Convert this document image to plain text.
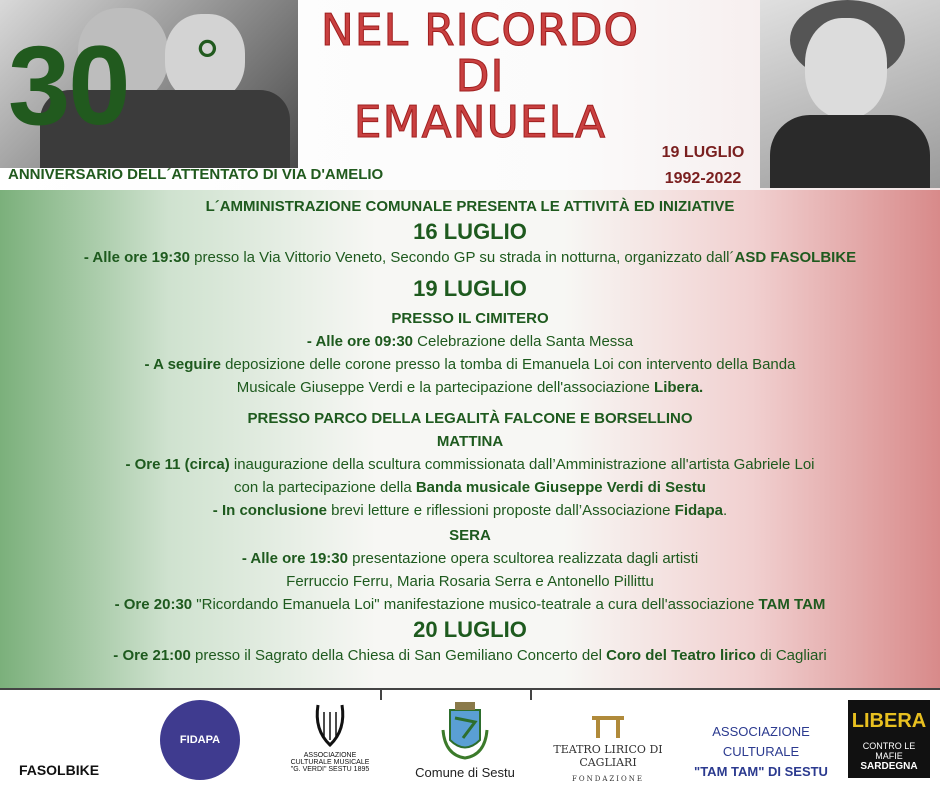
30 °
ANNIVERSARIO DELL´ATTENTATO DI VIA D'AMELIO
NEL RICORDO
DI
EMANUELA
19 LUGLIO
1992-2022
L´AMMINISTRAZIONE COMUNALE PRESENTA LE ATTIVITÀ ED INIZIATIVE
16 LUGLIO
- Alle ore 19:30 presso la Via Vittorio Veneto, Secondo GP su strada in notturna, organizzato dall´ASD FASOLBIKE
19 LUGLIO
PRESSO IL CIMITERO
- Alle ore 09:30 Celebrazione della Santa Messa
- A seguire deposizione delle corone presso la tomba di Emanuela Loi con intervento della Banda
Musicale Giuseppe Verdi e la partecipazione dell'associazione Libera.
PRESSO PARCO DELLA LEGALITÀ FALCONE E BORSELLINO
MATTINA
- Ore 11 (circa) inaugurazione della scultura commissionata dall’Amministrazione all'artista Gabriele Loi
con la partecipazione della Banda musicale Giuseppe Verdi di Sestu
- In conclusione brevi letture e riflessioni proposte dall’Associazione Fidapa.
SERA
- Alle ore 19:30 presentazione opera scultorea realizzata dagli artisti
Ferruccio Ferru, Maria Rosaria Serra e Antonello Pillittu
- Ore 20:30 "Ricordando Emanuela Loi" manifestazione musico-teatrale a cura dell'associazione TAM TAM
20 LUGLIO
- Ore 21:00 presso il Sagrato della Chiesa di San Gemiliano Concerto del Coro del Teatro lirico di Cagliari
FASOLBIKE
FIDAPA
ASSOCIAZIONE CULTURALE MUSICALE "G. VERDI" SESTU 1895	Comune di Sestu
TEATRO LIRICO DI CAGLIARI
FONDAZIONE
ASSOCIAZIONE CULTURALE
"TAM TAM" DI SESTU
LIBERA
CONTRO LE MAFIE
SARDEGNA
